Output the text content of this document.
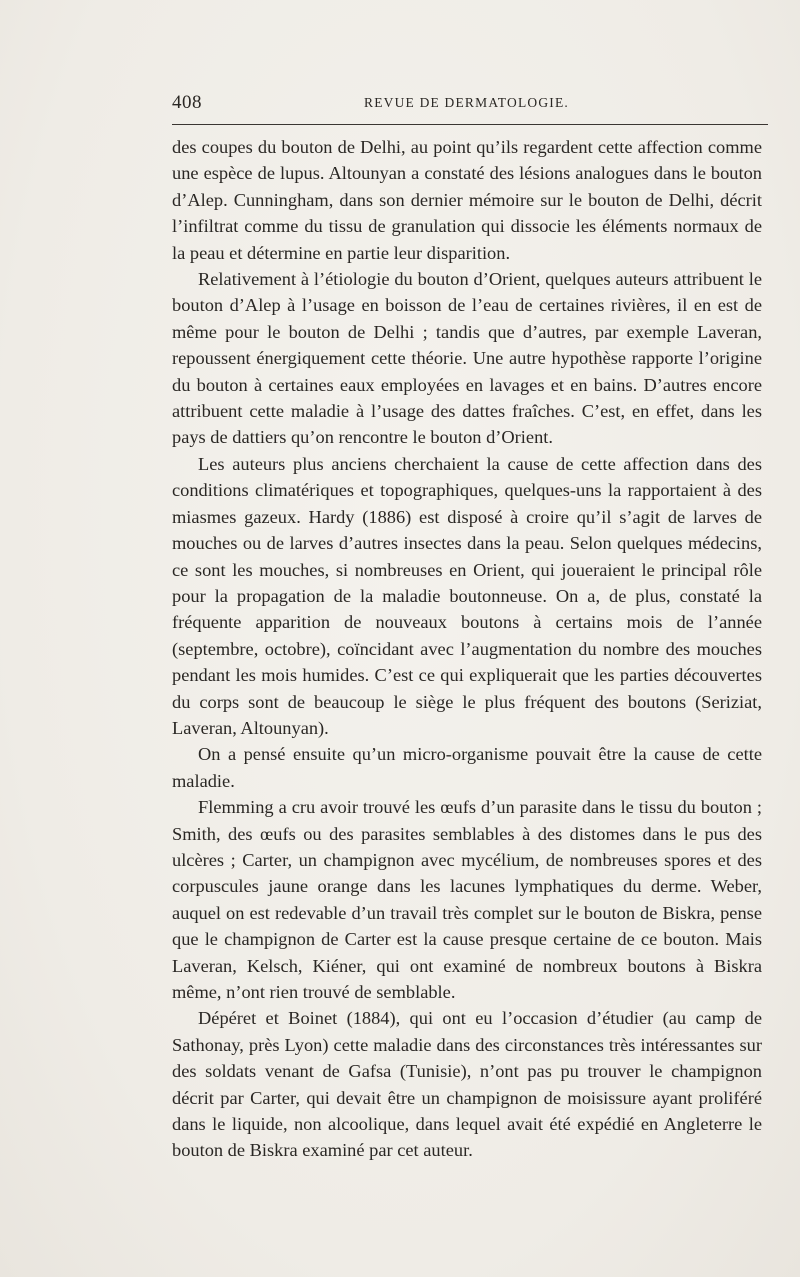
408	REVUE DE DERMATOLOGIE.

des coupes du bouton de Delhi, au point qu’ils regardent cette affection comme une espèce de lupus. Altounyan a constaté des lésions analogues dans le bouton d’Alep. Cunningham, dans son dernier mémoire sur le bouton de Delhi, décrit l’infiltrat comme du tissu de granulation qui dissocie les éléments normaux de la peau et détermine en partie leur disparition.

Relativement à l’étiologie du bouton d’Orient, quelques auteurs attribuent le bouton d’Alep à l’usage en boisson de l’eau de certaines rivières, il en est de même pour le bouton de Delhi ; tandis que d’autres, par exemple Laveran, repoussent énergiquement cette théorie. Une autre hypothèse rapporte l’origine du bouton à certaines eaux employées en lavages et en bains. D’autres encore attribuent cette maladie à l’usage des dattes fraîches. C’est, en effet, dans les pays de dattiers qu’on rencontre le bouton d’Orient.

Les auteurs plus anciens cherchaient la cause de cette affection dans des conditions climatériques et topographiques, quelques-uns la rapportaient à des miasmes gazeux. Hardy (1886) est disposé à croire qu’il s’agit de larves de mouches ou de larves d’autres insectes dans la peau. Selon quelques médecins, ce sont les mouches, si nombreuses en Orient, qui joueraient le principal rôle pour la propagation de la maladie boutonneuse. On a, de plus, constaté la fréquente apparition de nouveaux boutons à certains mois de l’année (septembre, octobre), coïncidant avec l’augmentation du nombre des mouches pendant les mois humides. C’est ce qui expliquerait que les parties découvertes du corps sont de beaucoup le siège le plus fréquent des boutons (Seriziat, Laveran, Altounyan).

On a pensé ensuite qu’un micro-organisme pouvait être la cause de cette maladie.

Flemming a cru avoir trouvé les œufs d’un parasite dans le tissu du bouton ; Smith, des œufs ou des parasites semblables à des distomes dans le pus des ulcères ; Carter, un champignon avec mycélium, de nombreuses spores et des corpuscules jaune orange dans les lacunes lymphatiques du derme. Weber, auquel on est redevable d’un travail très complet sur le bouton de Biskra, pense que le champignon de Carter est la cause presque certaine de ce bouton. Mais Laveran, Kelsch, Kiéner, qui ont examiné de nombreux boutons à Biskra même, n’ont rien trouvé de semblable.

Dépéret et Boinet (1884), qui ont eu l’occasion d’étudier (au camp de Sathonay, près Lyon) cette maladie dans des circonstances très intéressantes sur des soldats venant de Gafsa (Tunisie), n’ont pas pu trouver le champignon décrit par Carter, qui devait être un champignon de moisissure ayant proliféré dans le liquide, non alcoolique, dans lequel avait été expédié en Angleterre le bouton de Biskra examiné par cet auteur.
